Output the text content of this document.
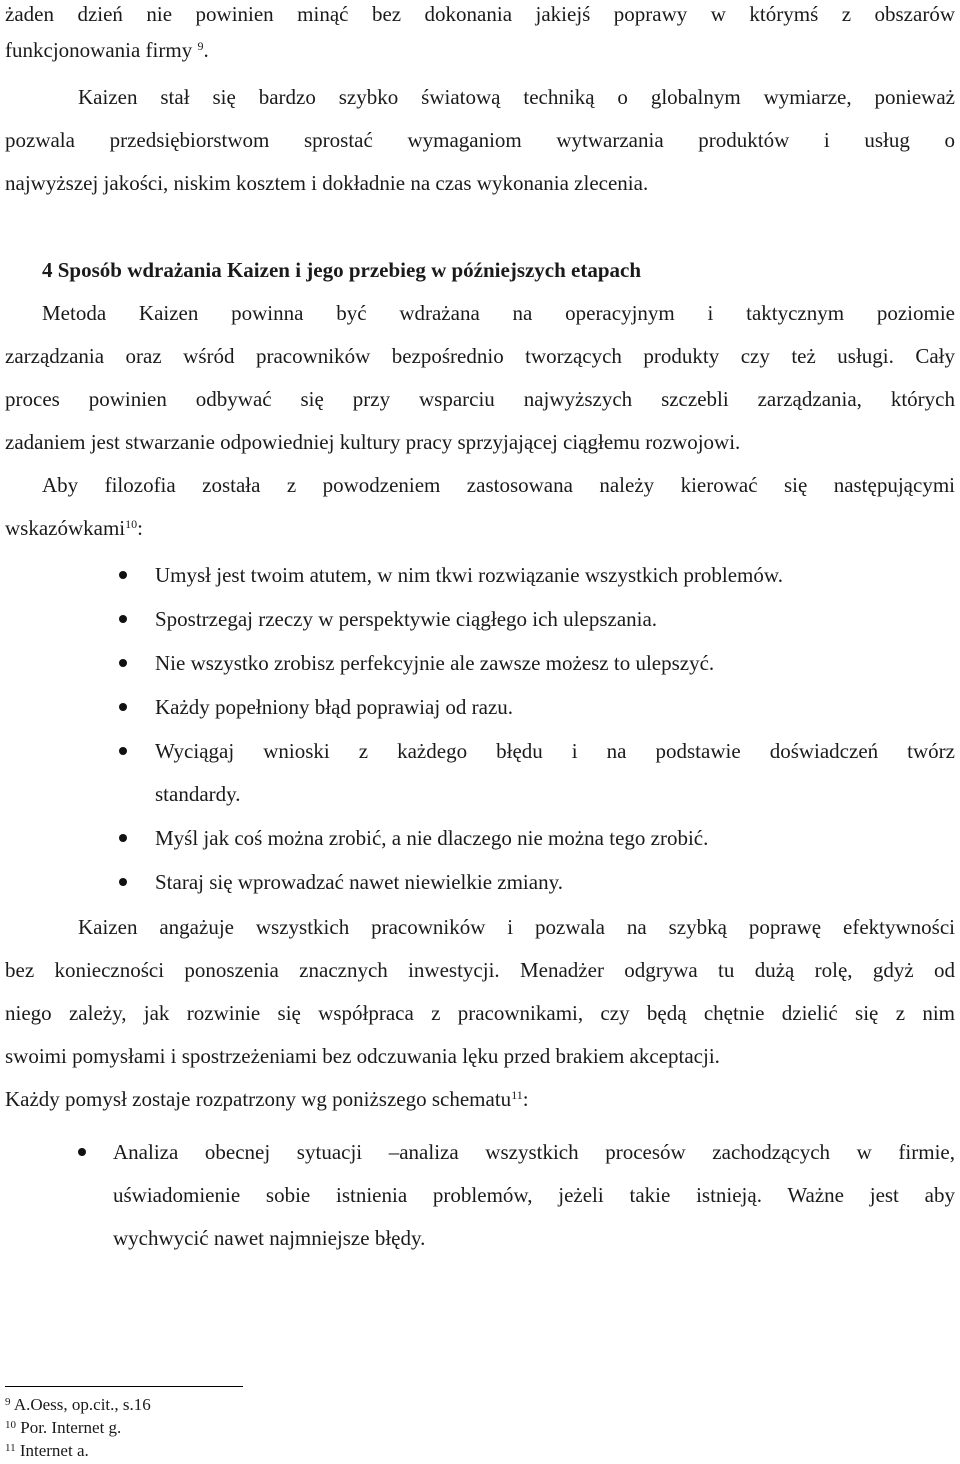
żaden dzień nie powinien minąć bez dokonania jakiejś poprawy w którymś z obszarów
funkcjonowania firmy $^9$.
Kaizen stał się bardzo szybko światową techniką o globalnym wymiarze, ponieważ
pozwala przedsiębiorstwom sprostać wymaganiom wytwarzania produktów i usług o
najwyższej jakości, niskim kosztem i dokładnie na czas wykonania zlecenia.
4 Sposób wdrażania Kaizen i jego przebieg w późniejszych etapach
Metoda Kaizen powinna być wdrażana na operacyjnym i taktycznym poziomie
zarządzania oraz wśród pracowników bezpośrednio tworzących produkty czy też usługi. Cały
proces powinien odbywać się przy wsparciu najwyższych szczebli zarządzania, których
zadaniem jest stwarzanie odpowiedniej kultury pracy sprzyjającej ciągłemu rozwojowi.
Aby filozofia została z powodzeniem zastosowana należy kierować się następującymi
wskazówkami$^{10}$:
Umysł jest twoim atutem, w nim tkwi rozwiązanie wszystkich problemów.
Spostrzegaj rzeczy w perspektywie ciągłego ich ulepszania.
Nie wszystko zrobisz perfekcyjnie ale zawsze możesz to ulepszyć.
Każdy popełniony błąd poprawiaj od razu.
Wyciągaj wnioski z każdego błędu i na podstawie doświadczeń twórz
standardy.
Myśl jak coś można zrobić, a nie dlaczego nie można tego zrobić.
Staraj się wprowadzać nawet niewielkie zmiany.
Kaizen angażuje wszystkich pracowników i pozwala na szybką poprawę efektywności
bez konieczności ponoszenia znacznych inwestycji. Menadżer odgrywa tu dużą rolę, gdyż od
niego zależy, jak rozwinie się współpraca z pracownikami, czy będą chętnie dzielić się z nim
swoimi pomysłami i spostrzeżeniami bez odczuwania lęku przed brakiem akceptacji.
Każdy pomysł zostaje rozpatrzony wg poniższego schematu$^{11}$:
Analiza obecnej sytuacji –analiza wszystkich procesów zachodzących w firmie,
uświadomienie sobie istnienia problemów, jeżeli takie istnieją. Ważne jest aby
wychwycić nawet najmniejsze błędy.
$^9$ A.Oess, op.cit., s.16
$^{10}$ Por. Internet g.
$^{11}$ Internet a.
